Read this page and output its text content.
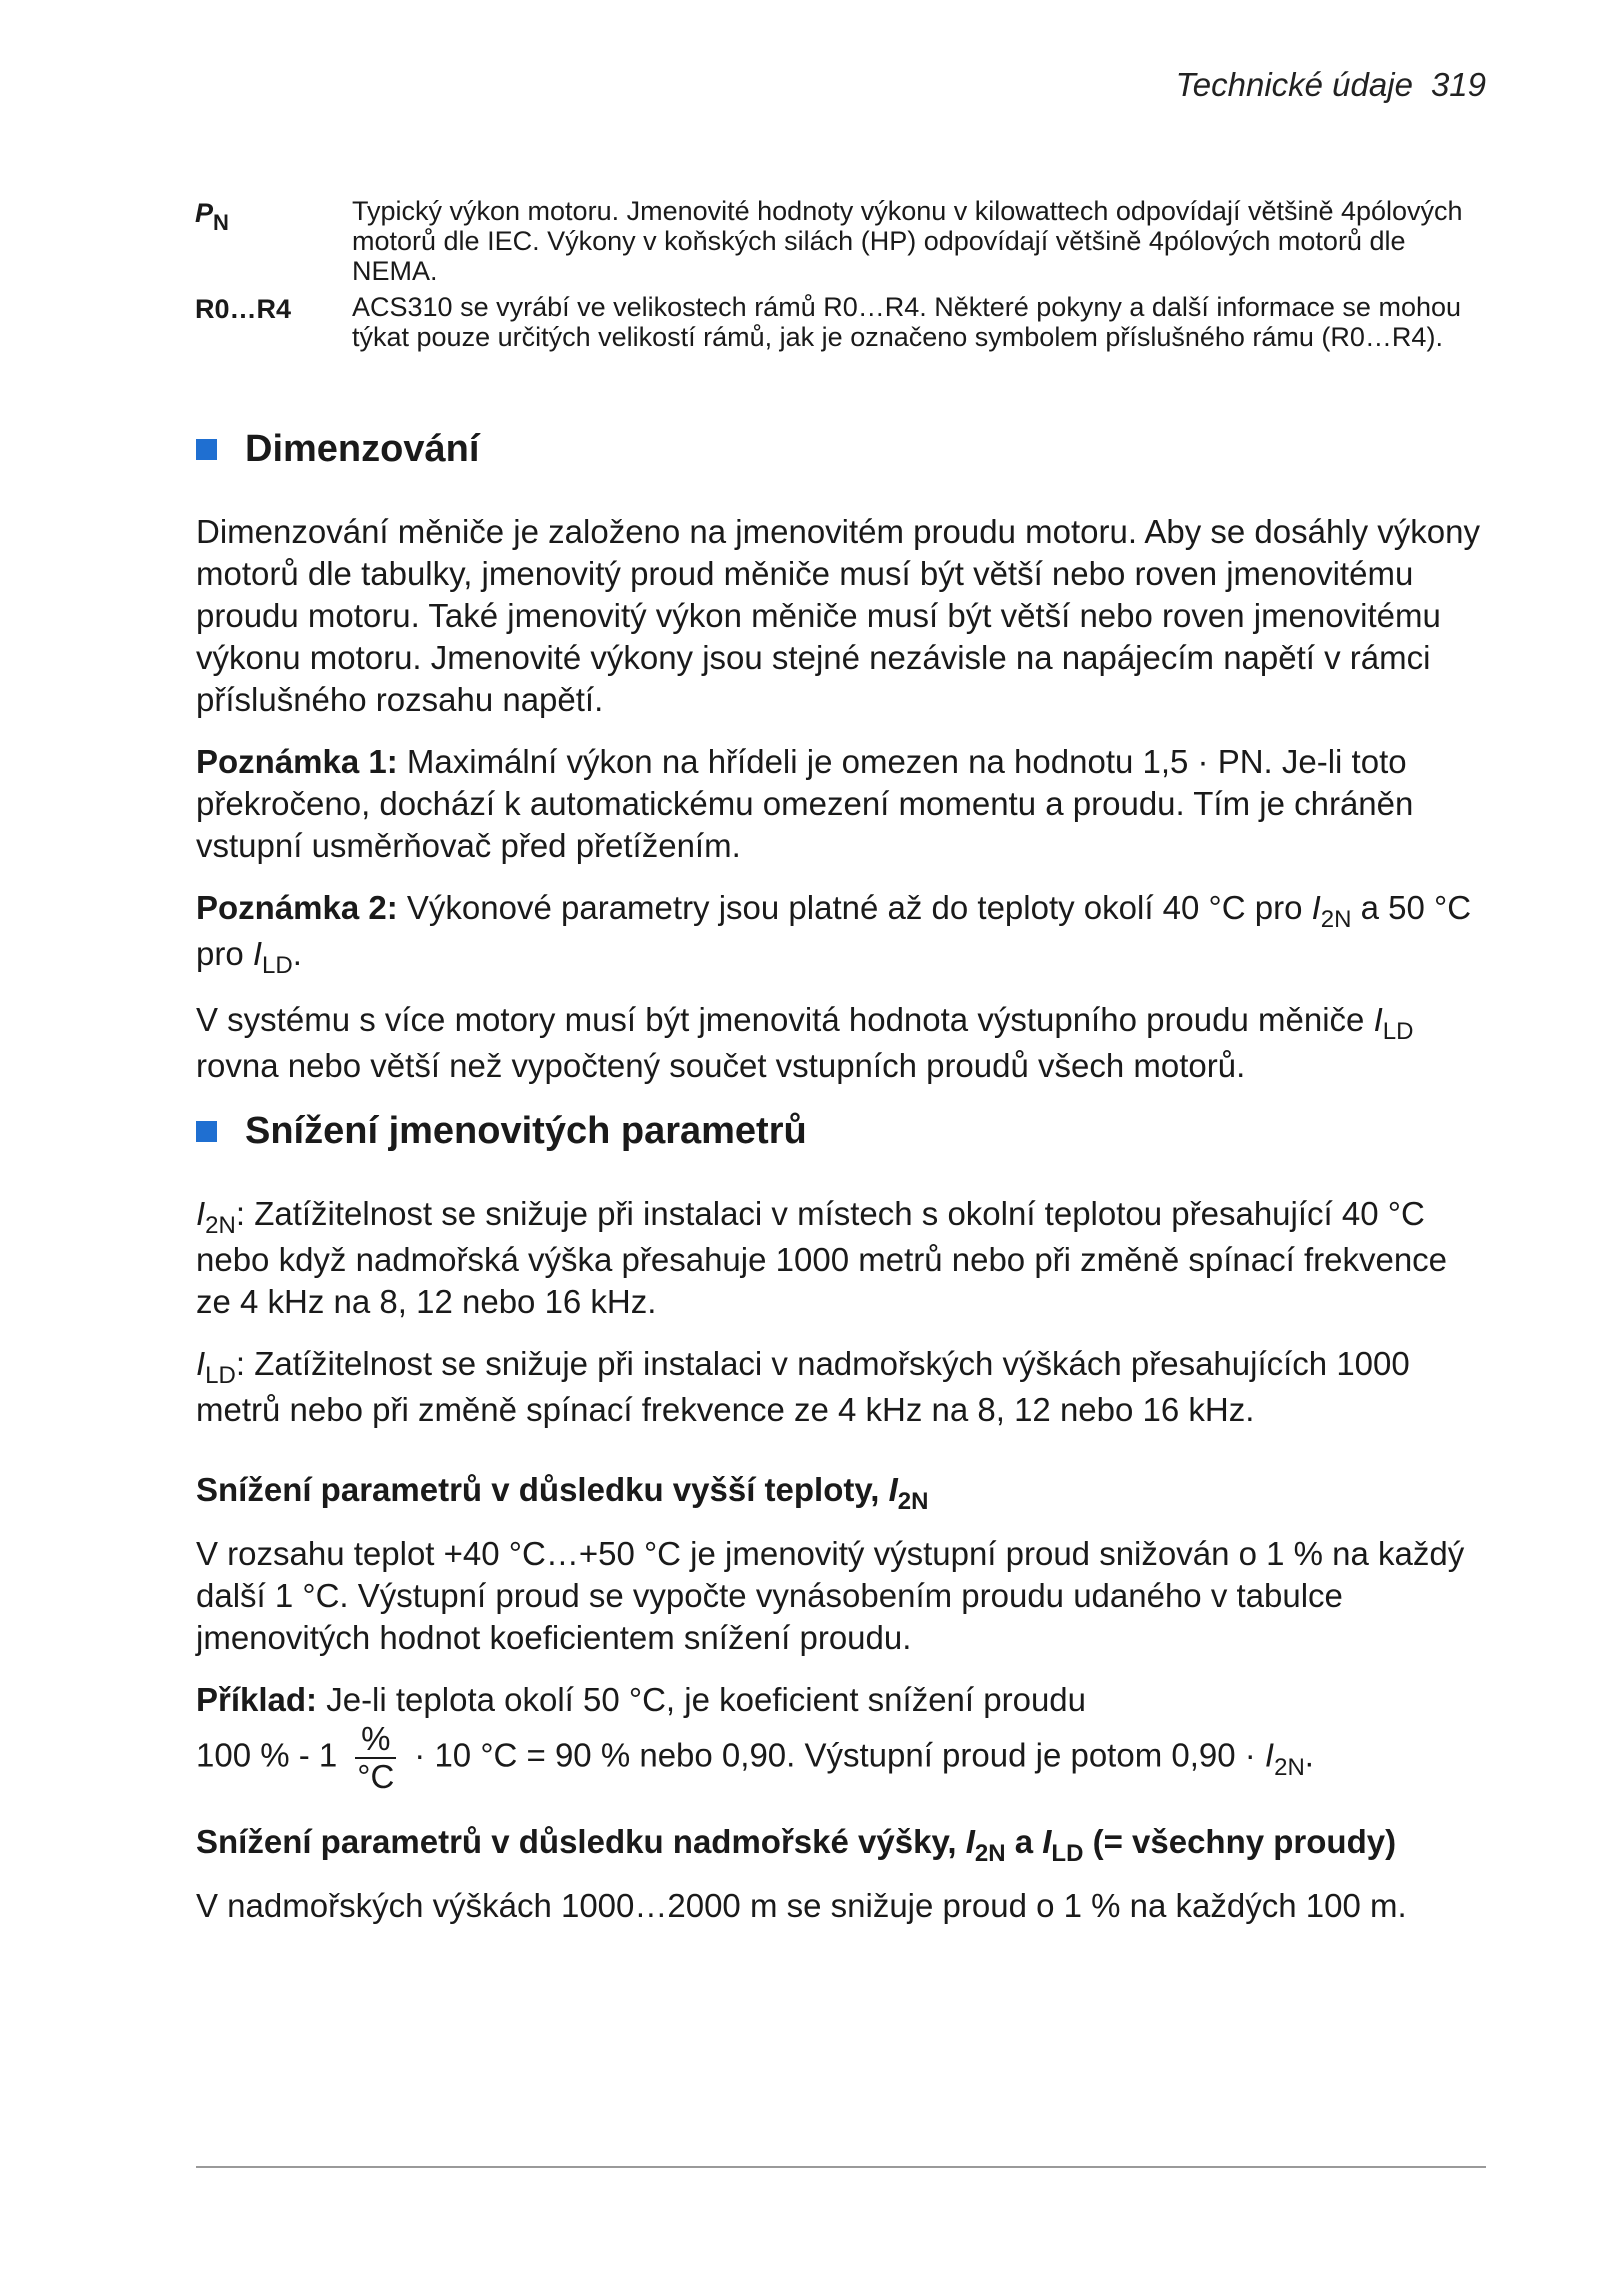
Technické údaje 319
$P_N$	Typický výkon motoru. Jmenovité hodnoty výkonu v kilowattech odpovídají většině 4pólových motorů dle IEC. Výkony v koňských silách (HP) odpovídají většině 4pólových motorů dle NEMA.
R0…R4	ACS310 se vyrábí ve velikostech rámů R0…R4. Některé pokyny a další informace se mohou týkat pouze určitých velikostí rámů, jak je označeno symbolem příslušného rámu (R0…R4).
Dimenzování

Dimenzování měniče je založeno na jmenovitém proudu motoru. Aby se dosáhly výkony motorů dle tabulky, jmenovitý proud měniče musí být větší nebo roven jmenovitému proudu motoru. Také jmenovitý výkon měniče musí být větší nebo roven jmenovitému výkonu motoru. Jmenovité výkony jsou stejné nezávisle na napájecím napětí v rámci příslušného rozsahu napětí.

Poznámka 1: Maximální výkon na hřídeli je omezen na hodnotu 1,5 · PN. Je-li toto překročeno, dochází k automatickému omezení momentu a proudu. Tím je chráněn vstupní usměrňovač před přetížením.

Poznámka 2: Výkonové parametry jsou platné až do teploty okolí 40 °C pro $I_{2N}$ a 50 °C pro $I_{LD}$.

V systému s více motory musí být jmenovitá hodnota výstupního proudu měniče $I_{LD}$ rovna nebo větší než vypočtený součet vstupních proudů všech motorů.

Snížení jmenovitých parametrů

$I_{2N}$: Zatížitelnost se snižuje při instalaci v místech s okolní teplotou přesahující 40 °C nebo když nadmořská výška přesahuje 1000 metrů nebo při změně spínací frekvence ze 4 kHz na 8, 12 nebo 16 kHz.

$I_{LD}$: Zatížitelnost se snižuje při instalaci v nadmořských výškách přesahujících 1000 metrů nebo při změně spínací frekvence ze 4 kHz na 8, 12 nebo 16 kHz.

Snížení parametrů v důsledku vyšší teploty, $I_{2N}$

V rozsahu teplot +40 °C…+50 °C je jmenovitý výstupní proud snižován o 1 % na každý další 1 °C. Výstupní proud se vypočte vynásobením proudu udaného v tabulce jmenovitých hodnot koeficientem snížení proudu.

Příklad: Je-li teplota okolí 50 °C, je koeficient snížení proudu

100 % - $1 \frac{\%}{^\circ C} \cdot 10$ °C = 90 % nebo 0,90. Výstupní proud je potom $0,90 \cdot I_{2N}$.

Snížení parametrů v důsledku nadmořské výšky, $I_{2N}$ a $I_{LD}$ (= všechny proudy)

V nadmořských výškách 1000…2000 m se snižuje proud o 1 % na každých 100 m.
